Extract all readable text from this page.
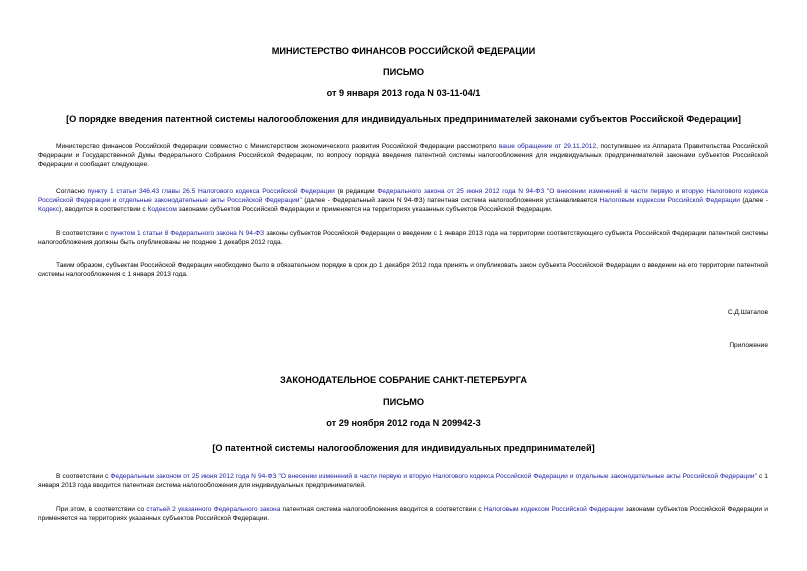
МИНИСТЕРСТВО ФИНАНСОВ РОССИЙСКОЙ ФЕДЕРАЦИИ
ПИСЬМО
от 9 января 2013 года N 03-11-04/1
[О порядке введения патентной системы налогообложения для индивидуальных предпринимателей законами субъектов Российской Федерации]

Министерство финансов Российской Федерации совместно с Министерством экономического развития Российской Федерации рассмотрело ваше обращение от 29.11.2012, поступившее из Аппарата Правительства Российской Федерации и Государственной Думы Федерального Собрания Российской Федерации, по вопросу порядка введения патентной системы налогообложения для индивидуальных предпринимателей законами субъектов Российской Федерации и сообщает следующее.

Согласно пункту 1 статьи 346.43 главы 26.5 Налогового кодекса Российской Федерации (в редакции Федерального закона от 25 июня 2012 года N 94-ФЗ "О внесении изменений в части первую и вторую Налогового кодекса Российской Федерации и отдельные законодательные акты Российской Федерации" (далее - Федеральный закон N 94-ФЗ) патентная система налогообложения устанавливается Налоговым кодексом Российской Федерации (далее - Кодекс), вводится в соответствии с Кодексом законами субъектов Российской Федерации и применяется на территориях указанных субъектов Российской Федерации.

В соответствии с пунктом 1 статьи 8 Федерального закона N 94-ФЗ законы субъектов Российской Федерации о введении с 1 января 2013 года на территории соответствующего субъекта Российской Федерации патентной системы налогообложения должны быть опубликованы не позднее 1 декабря 2012 года.

Таким образом, субъектам Российской Федерации необходимо было в обязательном порядке в срок до 1 декабря 2012 года принять и опубликовать закон субъекта Российской Федерации о введении на его территории патентной системы налогообложения с 1 января 2013 года.

С.Д.Шаталов
Приложение
ЗАКОНОДАТЕЛЬНОЕ СОБРАНИЕ САНКТ-ПЕТЕРБУРГА
ПИСЬМО
от 29 ноября 2012 года N 209942-3
[О патентной системы налогообложения для индивидуальных предпринимателей]

В соответствии с Федеральным законом от 25 июня 2012 года N 94-ФЗ "О внесении изменений в части первую и вторую Налогового кодекса Российской Федерации и отдельные законодательные акты Российской Федерации" с 1 января 2013 года вводится патентная система налогообложения для индивидуальных предпринимателей.

При этом, в соответствии со статьей 2 указанного Федерального закона патентная система налогообложения вводится в соответствии с Налоговым кодексом Российской Федерации законами субъектов Российской Федерации и применяется на территориях указанных субъектов Российской Федерации.
